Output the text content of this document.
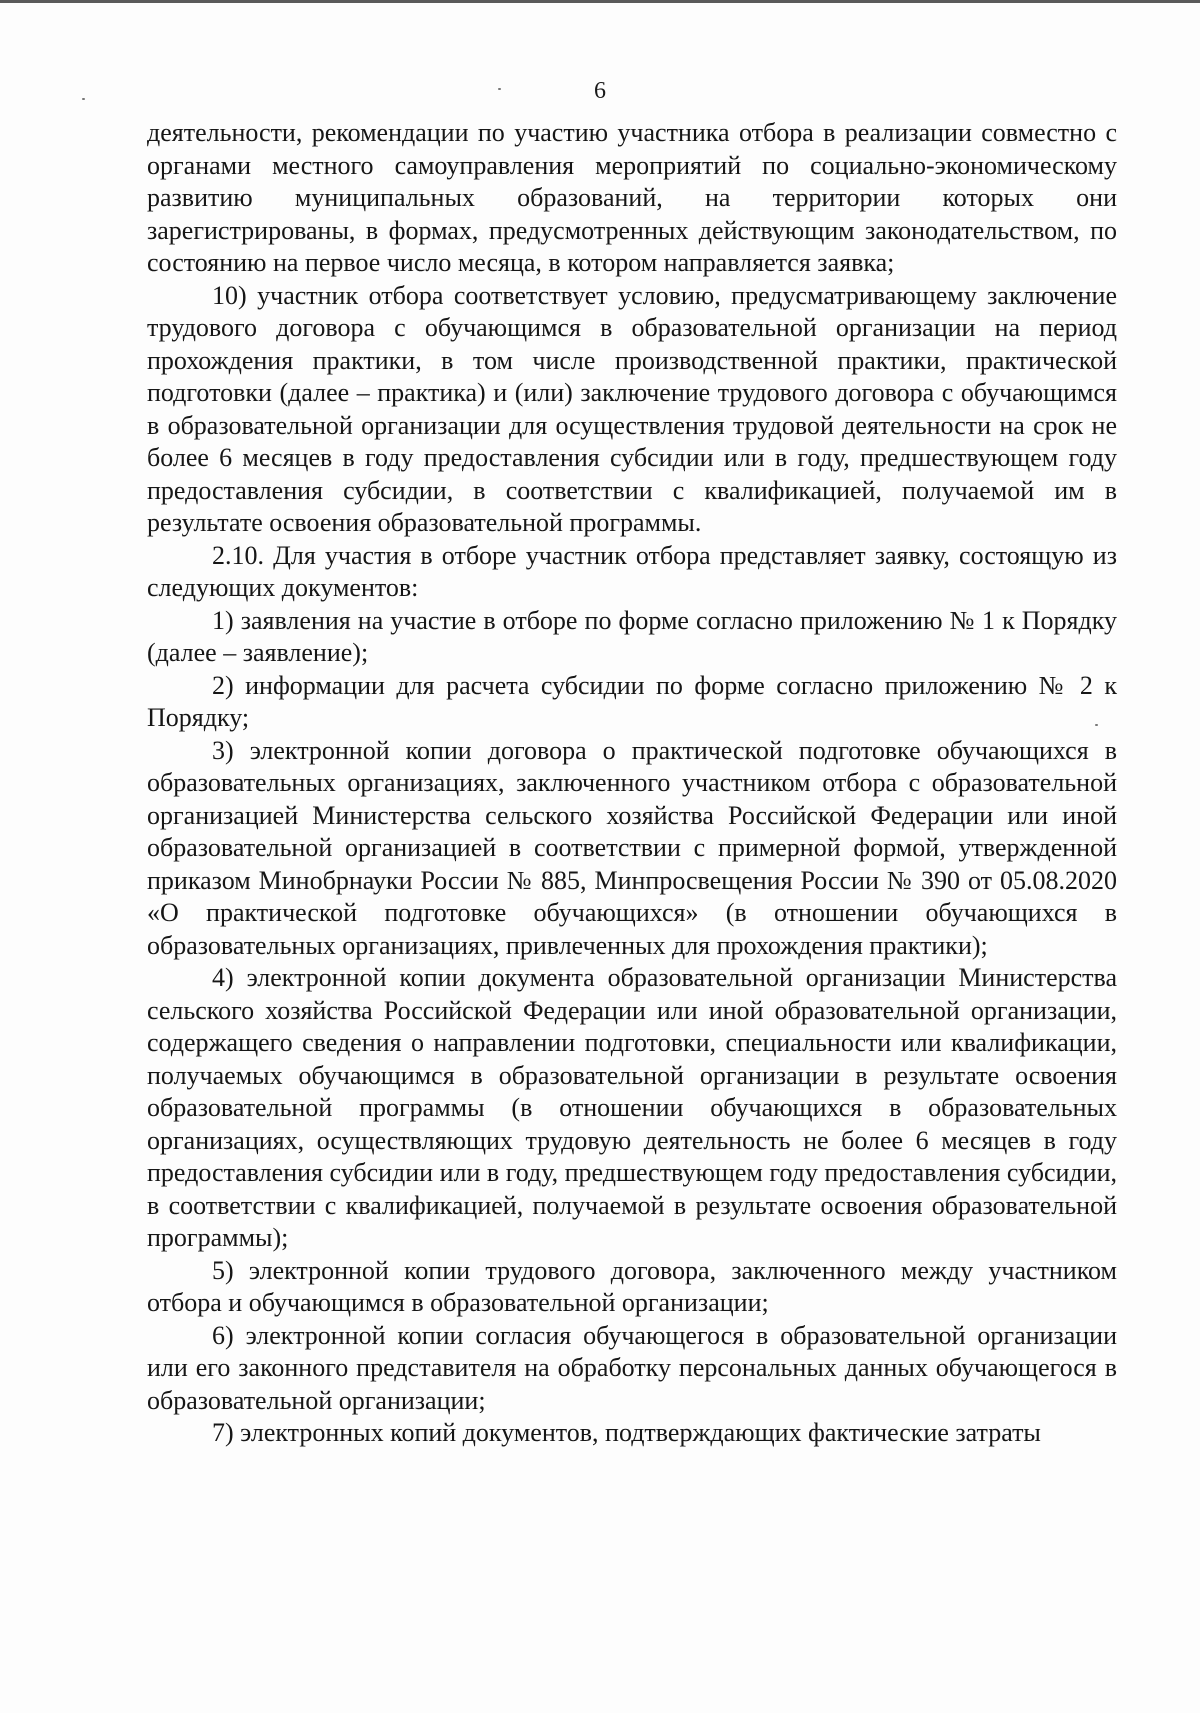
6

деятельности, рекомендации по участию участника отбора в реализации совместно с органами местного самоуправления мероприятий по социально-экономическому развитию муниципальных образований, на территории которых они зарегистрированы, в формах, предусмотренных действующим законодательством, по состоянию на первое число месяца, в котором направляется заявка;

10) участник отбора соответствует условию, предусматривающему заключение трудового договора с обучающимся в образовательной организации на период прохождения практики, в том числе производственной практики, практической подготовки (далее – практика) и (или) заключение трудового договора с обучающимся в образовательной организации для осуществления трудовой деятельности на срок не более 6 месяцев в году предоставления субсидии или в году, предшествующем году предоставления субсидии, в соответствии с квалификацией, получаемой им в результате освоения образовательной программы.

2.10. Для участия в отборе участник отбора представляет заявку, состоящую из следующих документов:

1) заявления на участие в отборе по форме согласно приложению № 1 к Порядку (далее – заявление);

2) информации для расчета субсидии по форме согласно приложению № 2 к Порядку;

3) электронной копии договора о практической подготовке обучающихся в образовательных организациях, заключенного участником отбора с образовательной организацией Министерства сельского хозяйства Российской Федерации или иной образовательной организацией в соответствии с примерной формой, утвержденной приказом Минобрнауки России № 885, Минпросвещения России № 390 от 05.08.2020 «О практической подготовке обучающихся» (в отношении обучающихся в образовательных организациях, привлеченных для прохождения практики);

4) электронной копии документа образовательной организации Министерства сельского хозяйства Российской Федерации или иной образовательной организации, содержащего сведения о направлении подготовки, специальности или квалификации, получаемых обучающимся в образовательной организации в результате освоения образовательной программы (в отношении обучающихся в образовательных организациях, осуществляющих трудовую деятельность не более 6 месяцев в году предоставления субсидии или в году, предшествующем году предоставления субсидии, в соответствии с квалификацией, получаемой в результате освоения образовательной программы);

5) электронной копии трудового договора, заключенного между участником отбора и обучающимся в образовательной организации;

6) электронной копии согласия обучающегося в образовательной организации или его законного представителя на обработку персональных данных обучающегося в образовательной организации;

7) электронных копий документов, подтверждающих фактические затраты
